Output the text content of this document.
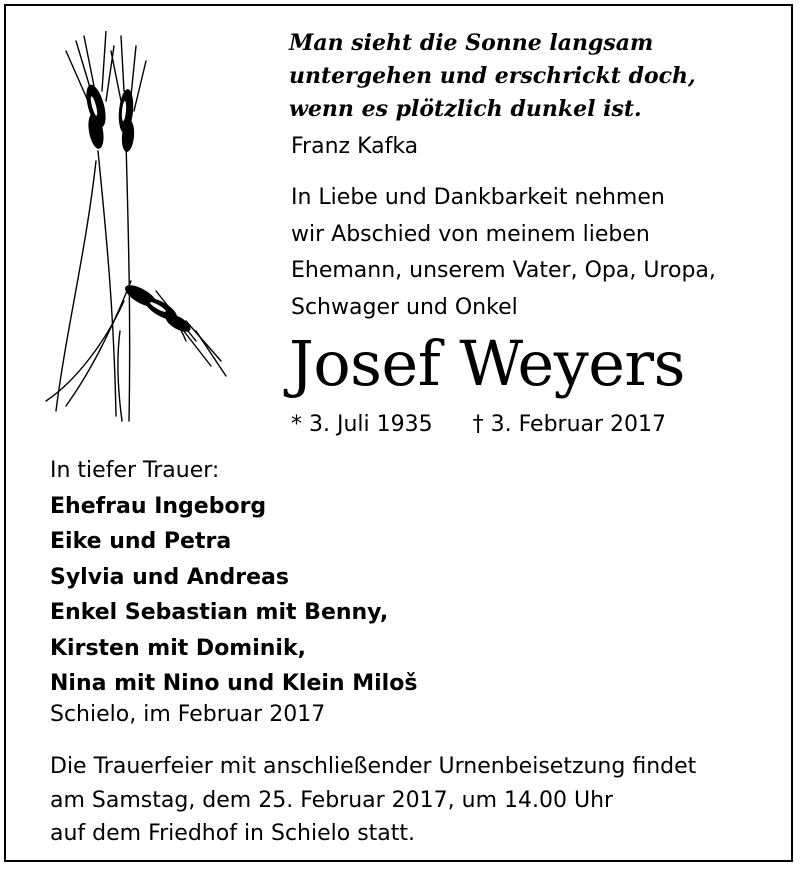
Man sieht die Sonne langsam
untergehen und erschrickt doch,
wenn es plötzlich dunkel ist.
Franz Kafka
In Liebe und Dankbarkeit nehmen
wir Abschied von meinem lieben
Ehemann, unserem Vater, Opa, Uropa,
Schwager und Onkel
Josef Weyers
* 3. Juli 1935 † 3. Februar 2017
In tiefer Trauer:
Ehefrau Ingeborg
Eike und Petra
Sylvia und Andreas
Enkel Sebastian mit Benny,
Kirsten mit Dominik,
Nina mit Nino und Klein Miloš
Schielo, im Februar 2017
Die Trauerfeier mit anschließender Urnenbeisetzung findet
am Samstag, dem 25. Februar 2017, um 14.00 Uhr
auf dem Friedhof in Schielo statt.
